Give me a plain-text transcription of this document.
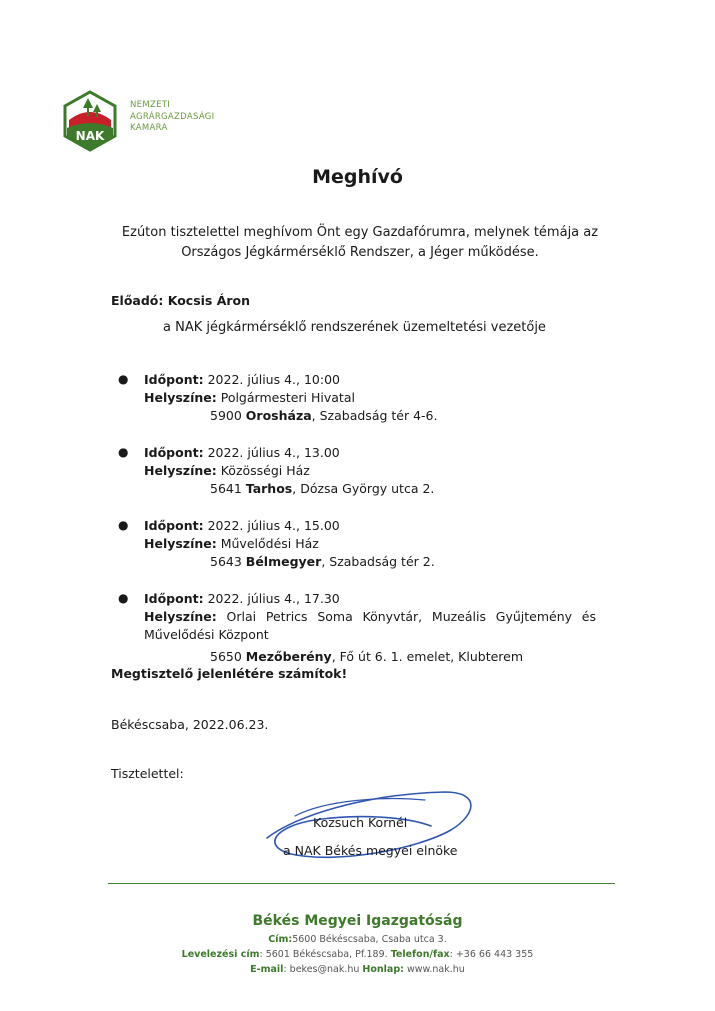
NAK
NEMZETI
AGRÁRGAZDASÁGI
KAMARA
Meghívó
Ezúton tisztelettel meghívom Önt egy Gazdafórumra, melynek témája az
Országos Jégkármérséklő Rendszer, a Jéger működése.
Előadó: Kocsis Áron
a NAK jégkármérséklő rendszerének üzemeltetési vezetője
● Időpont: 2022. július 4., 10:00
Helyszíne: Polgármesteri Hivatal
5900 Orosháza, Szabadság tér 4-6.
● Időpont: 2022. július 4., 13.00
Helyszíne: Közösségi Ház
5641 Tarhos, Dózsa György utca 2.
● Időpont: 2022. július 4., 15.00
Helyszíne: Művelődési Ház
5643 Bélmegyer, Szabadság tér 2.
● Időpont: 2022. július 4., 17.30
Helyszíne: Orlai Petrics Soma Könyvtár, Muzeális Gyűjtemény és Művelődési Központ
5650 Mezőberény, Fő út 6. 1. emelet, Klubterem
Megtisztelő jelenlétére számítok!
Békéscsaba, 2022.06.23.
Tisztelettel:
Kozsuch Kornél
a NAK Békés megyei elnöke
Békés Megyei Igazgatóság
Cím:5600 Békéscsaba, Csaba utca 3.
Levelezési cím: 5601 Békéscsaba, Pf.189. Telefon/fax: +36 66 443 355
E-mail: bekes@nak.hu Honlap: www.nak.hu
